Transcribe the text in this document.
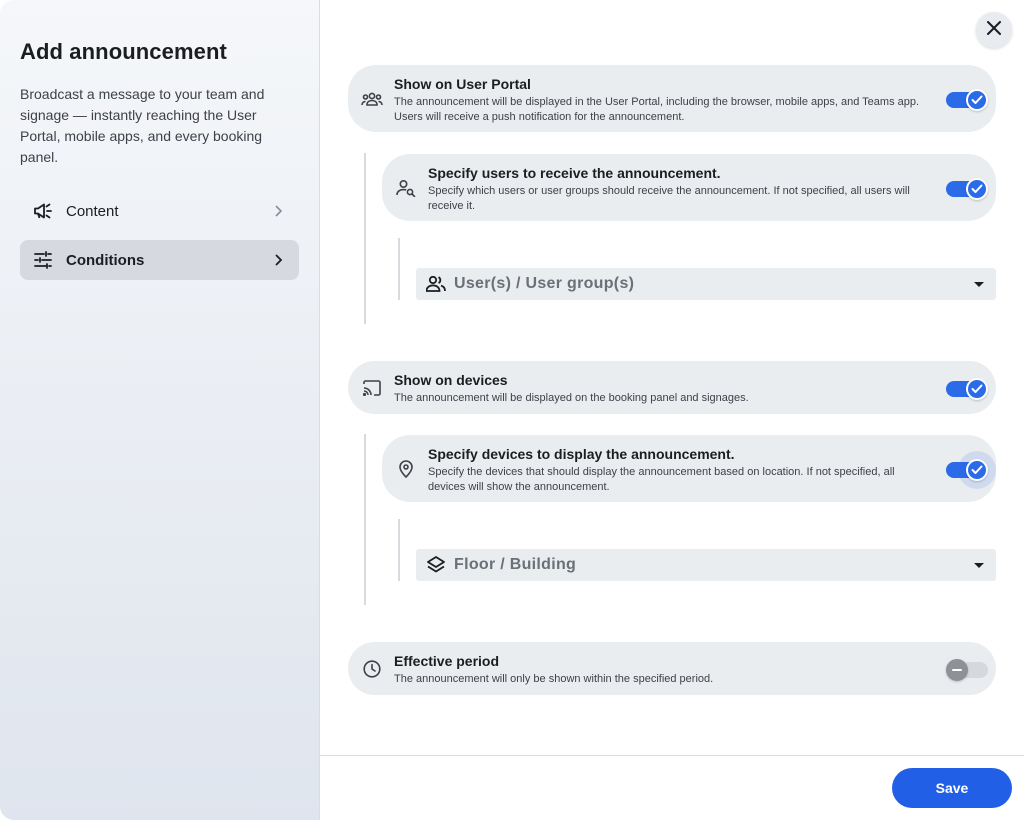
Add announcement

Broadcast a message to your team and signage — instantly reaching the User Portal, mobile apps, and every booking panel.

Content
Conditions
Show on User Portal
The announcement will be displayed in the User Portal, including the browser, mobile apps, and Teams app. Users will receive a push notification for the announcement.
Specify users to receive the announcement.
Specify which users or user groups should receive the announcement. If not specified, all users will receive it.
User(s) / User group(s)
Show on devices
The announcement will be displayed on the booking panel and signages.
Specify devices to display the announcement.
Specify the devices that should display the announcement based on location. If not specified, all devices will show the announcement.
Floor / Building
Effective period
The announcement will only be shown within the specified period.
Save
